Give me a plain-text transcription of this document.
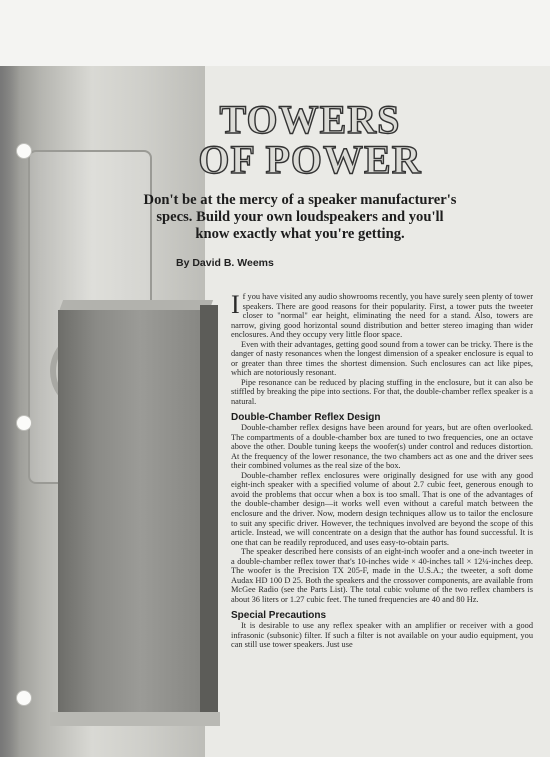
TOWERS
OF POWER
Don't be at the mercy of a speaker manufacturer's specs. Build your own loudspeakers and you'll know exactly what you're getting.
By David B. Weems

If you have visited any audio showrooms recently, you have surely seen plenty of tower speakers. There are good reasons for their popularity. First, a tower puts the tweeter closer to "normal" ear height, eliminating the need for a stand. Also, towers are narrow, giving good horizontal sound distribution and better stereo imaging than wider enclosures. And they occupy very little floor space.

Even with their advantages, getting good sound from a tower can be tricky. There is the danger of nasty resonances when the longest dimension of a speaker enclosure is equal to or greater than three times the shortest dimension. Such enclosures can act like pipes, which are notoriously resonant.

Pipe resonance can be reduced by placing stuffing in the enclosure, but it can also be stiffled by breaking the pipe into sections. For that, the double-chamber reflex speaker is a natural.

Double-Chamber Reflex Design

Double-chamber reflex designs have been around for years, but are often overlooked. The compartments of a double-chamber box are tuned to two frequencies, one an octave above the other. Double tuning keeps the woofer(s) under control and reduces distortion. At the frequency of the lower resonance, the two chambers act as one and the driver sees their combined volumes as the real size of the box.

Double-chamber reflex enclosures were originally designed for use with any good eight-inch speaker with a specified volume of about 2.7 cubic feet, generous enough to avoid the problems that occur when a box is too small. That is one of the advantages of the double-chamber design—it works well even without a careful match between the enclosure and the driver. Now, modern design techniques allow us to tailor the enclosure to suit any specific driver. However, the techniques involved are beyond the scope of this article. Instead, we will concentrate on a design that the author has found successful. It is one that can be readily reproduced, and uses easy-to-obtain parts.

The speaker described here consists of an eight-inch woofer and a one-inch tweeter in a double-chamber reflex tower that's 10-inches wide × 40-inches tall × 12¼-inches deep. The woofer is the Precision TX 205-F, made in the U.S.A.; the tweeter, a soft dome Audax HD 100 D 25. Both the speakers and the crossover components, are available from McGee Radio (see the Parts List). The total cubic volume of the two reflex chambers is about 36 liters or 1.27 cubic feet. The tuned frequencies are 40 and 80 Hz.

Special Precautions

It is desirable to use any reflex speaker with an amplifier or receiver with a good infrasonic (subsonic) filter. If such a filter is not available on your audio equipment, you can still use tower speakers. Just use
